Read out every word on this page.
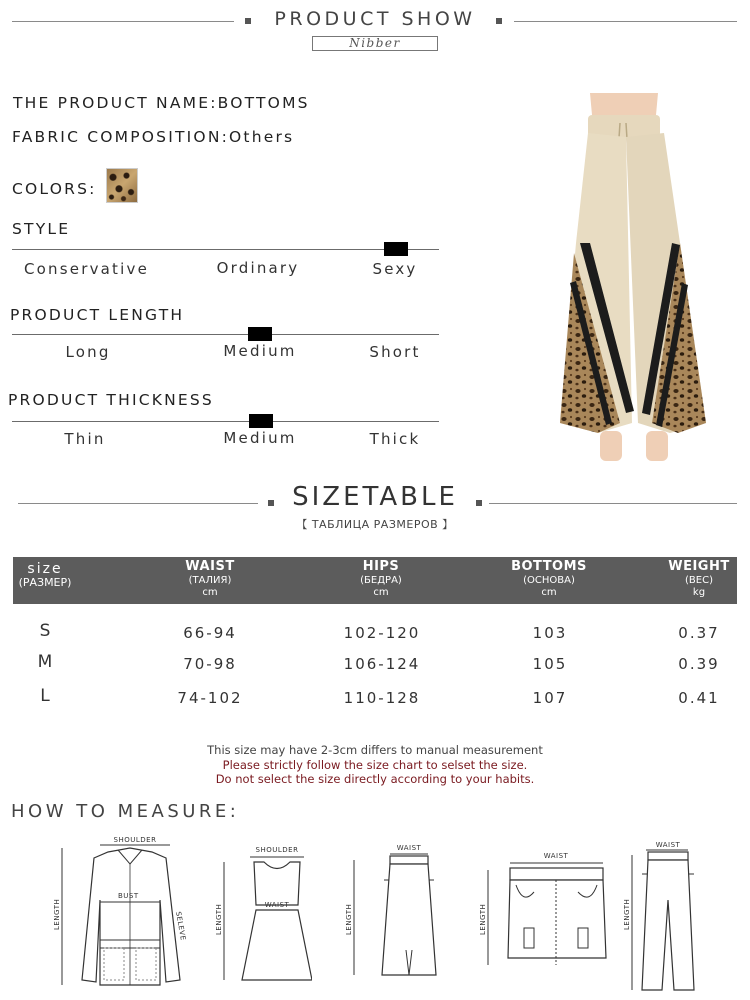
PRODUCT SHOW
Nibber
THE PRODUCT NAME:BOTTOMS
FABRIC COMPOSITION:Others
COLORS:
STYLE
Conservative	Ordinary	Sexy
PRODUCT LENGTH
Long	Medium	Short
PRODUCT THICKNESS
Thin	Medium	Thick
SIZETABLE
【 ТАБЛИЦА РАЗМЕРОВ 】
size
(РАЗМЕР)
WAIST
(ТАЛИЯ)
cm
HIPS
(БЕДРА)
cm
BOTTOMS
(ОСНОВА)
cm
WEIGHT
(ВЕС)
kg
S	66-94	102-120	103	0.37
M	70-98	106-124	105	0.39
L	74-102	110-128	107	0.41
This size may have 2-3cm differs to manual measurement
Please strictly follow the size chart to selset the size.
Do not select the size directly according to your habits.
HOW TO MEASURE:
SHOULDER
BUST
LENGTH	SELEVE
SHOULDER
WAIST
LENGTH
WAIST
LENGTH
WAIST
LENGTH
WAIST
LENGTH
